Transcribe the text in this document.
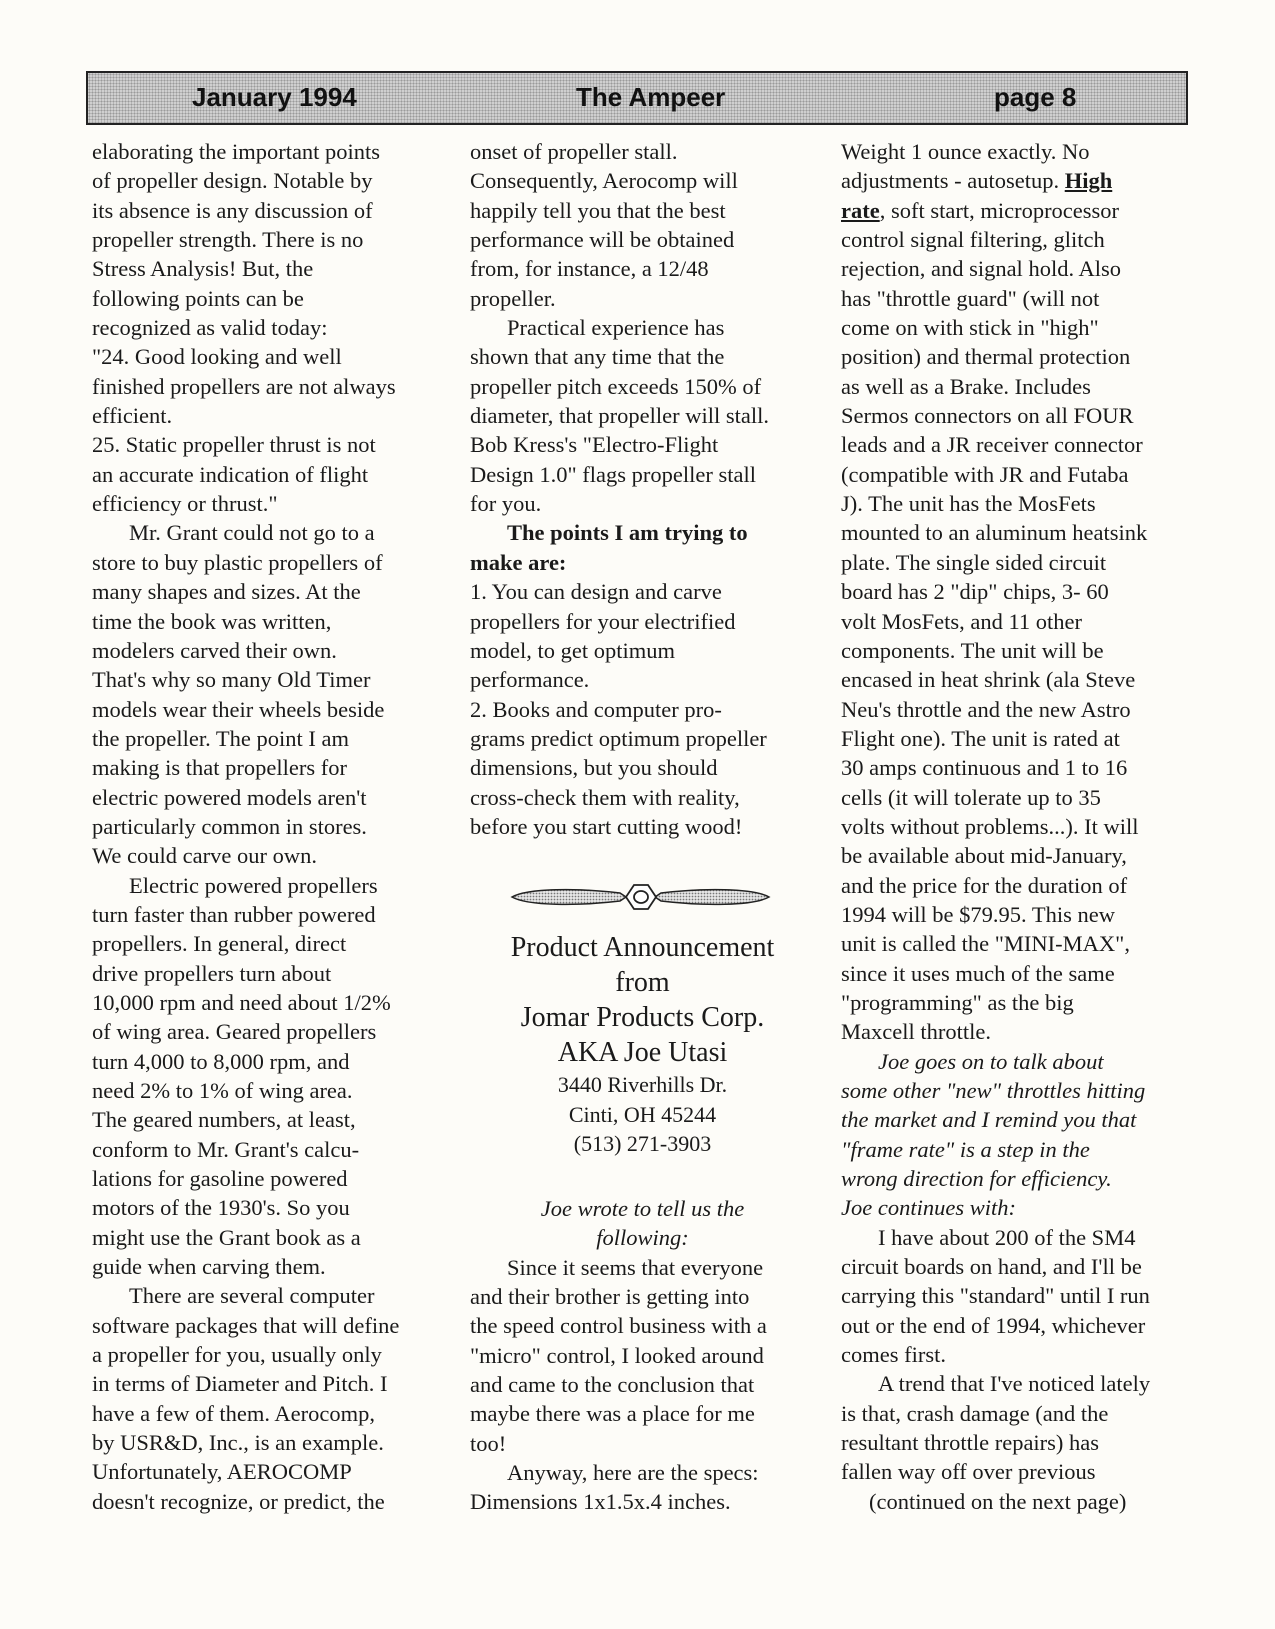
January 1994	The Ampeer	page 8
elaborating the important points
of propeller design. Notable by
its absence is any discussion of
propeller strength. There is no
Stress Analysis! But, the
following points can be
recognized as valid today:
"24. Good looking and well
finished propellers are not always
efficient.
25. Static propeller thrust is not
an accurate indication of flight
efficiency or thrust."
Mr. Grant could not go to a
store to buy plastic propellers of
many shapes and sizes. At the
time the book was written,
modelers carved their own.
That's why so many Old Timer
models wear their wheels beside
the propeller. The point I am
making is that propellers for
electric powered models aren't
particularly common in stores.
We could carve our own.
Electric powered propellers
turn faster than rubber powered
propellers. In general, direct
drive propellers turn about
10,000 rpm and need about 1/2%
of wing area. Geared propellers
turn 4,000 to 8,000 rpm, and
need 2% to 1% of wing area.
The geared numbers, at least,
conform to Mr. Grant's calcu-
lations for gasoline powered
motors of the 1930's. So you
might use the Grant book as a
guide when carving them.
There are several computer
software packages that will define
a propeller for you, usually only
in terms of Diameter and Pitch. I
have a few of them. Aerocomp,
by USR&D, Inc., is an example.
Unfortunately, AEROCOMP
doesn't recognize, or predict, the
onset of propeller stall.
Consequently, Aerocomp will
happily tell you that the best
performance will be obtained
from, for instance, a 12/48
propeller.
Practical experience has
shown that any time that the
propeller pitch exceeds 150% of
diameter, that propeller will stall.
Bob Kress's "Electro-Flight
Design 1.0" flags propeller stall
for you.
The points I am trying to
make are:
1. You can design and carve
propellers for your electrified
model, to get optimum
performance.
2. Books and computer pro-
grams predict optimum propeller
dimensions, but you should
cross-check them with reality,
before you start cutting wood!
Product Announcement
from
Jomar Products Corp.
AKA Joe Utasi
3440 Riverhills Dr.
Cinti, OH 45244
(513) 271-3903
Joe wrote to tell us the
following:
Since it seems that everyone
and their brother is getting into
the speed control business with a
"micro" control, I looked around
and came to the conclusion that
maybe there was a place for me
too!
Anyway, here are the specs:
Dimensions 1x1.5x.4 inches.
Weight 1 ounce exactly. No
adjustments - autosetup. High
rate, soft start, microprocessor
control signal filtering, glitch
rejection, and signal hold. Also
has "throttle guard" (will not
come on with stick in "high"
position) and thermal protection
as well as a Brake. Includes
Sermos connectors on all FOUR
leads and a JR receiver connector
(compatible with JR and Futaba
J). The unit has the MosFets
mounted to an aluminum heatsink
plate. The single sided circuit
board has 2 "dip" chips, 3- 60
volt MosFets, and 11 other
components. The unit will be
encased in heat shrink (ala Steve
Neu's throttle and the new Astro
Flight one). The unit is rated at
30 amps continuous and 1 to 16
cells (it will tolerate up to 35
volts without problems...). It will
be available about mid-January,
and the price for the duration of
1994 will be $79.95. This new
unit is called the "MINI-MAX",
since it uses much of the same
"programming" as the big
Maxcell throttle.
Joe goes on to talk about
some other "new" throttles hitting
the market and I remind you that
"frame rate" is a step in the
wrong direction for efficiency.
Joe continues with:
I have about 200 of the SM4
circuit boards on hand, and I'll be
carrying this "standard" until I run
out or the end of 1994, whichever
comes first.
A trend that I've noticed lately
is that, crash damage (and the
resultant throttle repairs) has
fallen way off over previous
(continued on the next page)
